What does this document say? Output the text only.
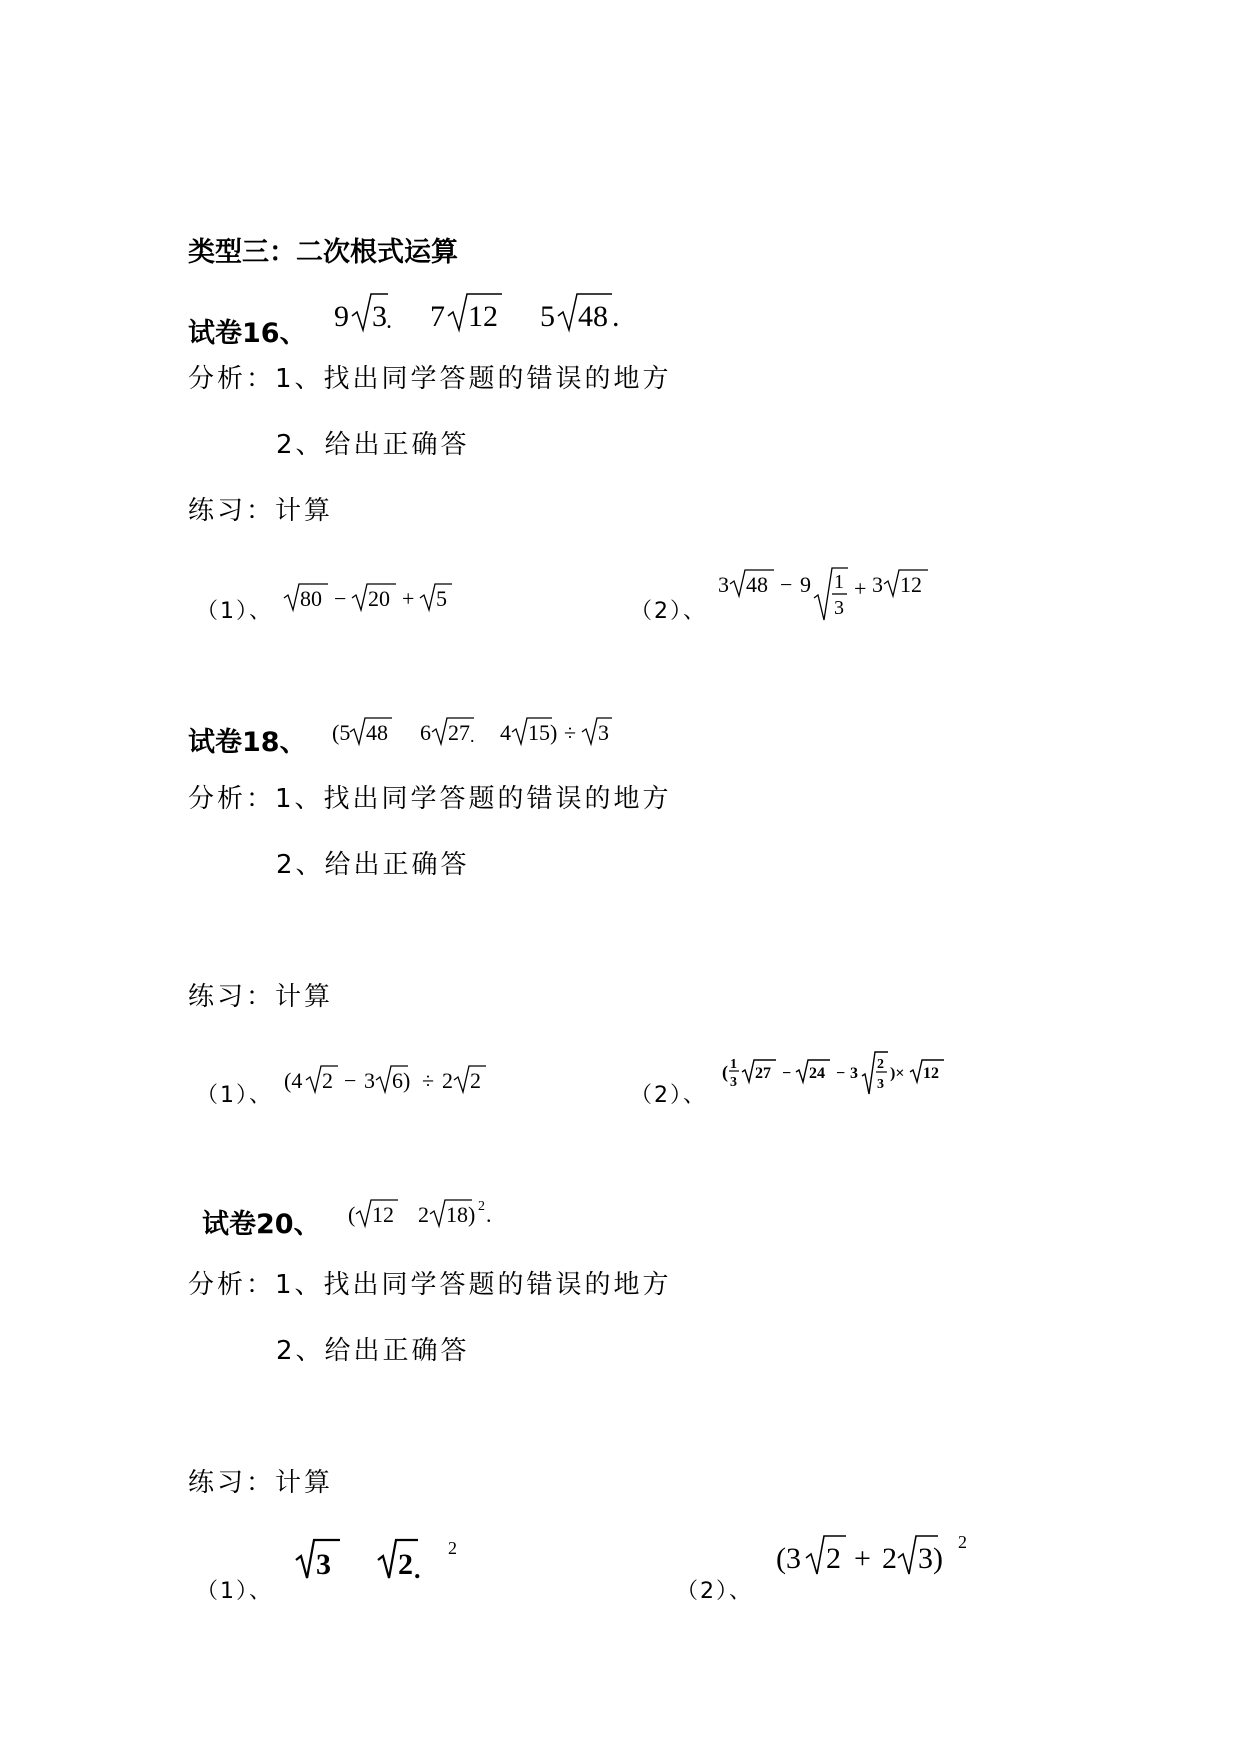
类型三：二次根式运算
试卷16、
9 3 . 7 12 5 48 .
分析：1、找出同学答题的错误的地方
2、给出正确答
练习：计算
（1）、
80 − 20 + 5
（2）、
3 48 − 9 1
3
+ 3 12
试卷18、 (5 48 6 27 . 4 15) ÷ 3
分析：1、找出同学答题的错误的地方
2、给出正确答
练习：计算
（1）、
(4 2 − 3 6) ÷ 2 2
（2）、
( 1
3
27 − 24 − 3
2
3
)× 12
试卷20、 ( 12 2 18) 2 .
分析：1、找出同学答题的错误的地方
2、给出正确答
练习：计算
（1）、
3 2 .
2
（2）、
(3 2 + 2 3) 2
